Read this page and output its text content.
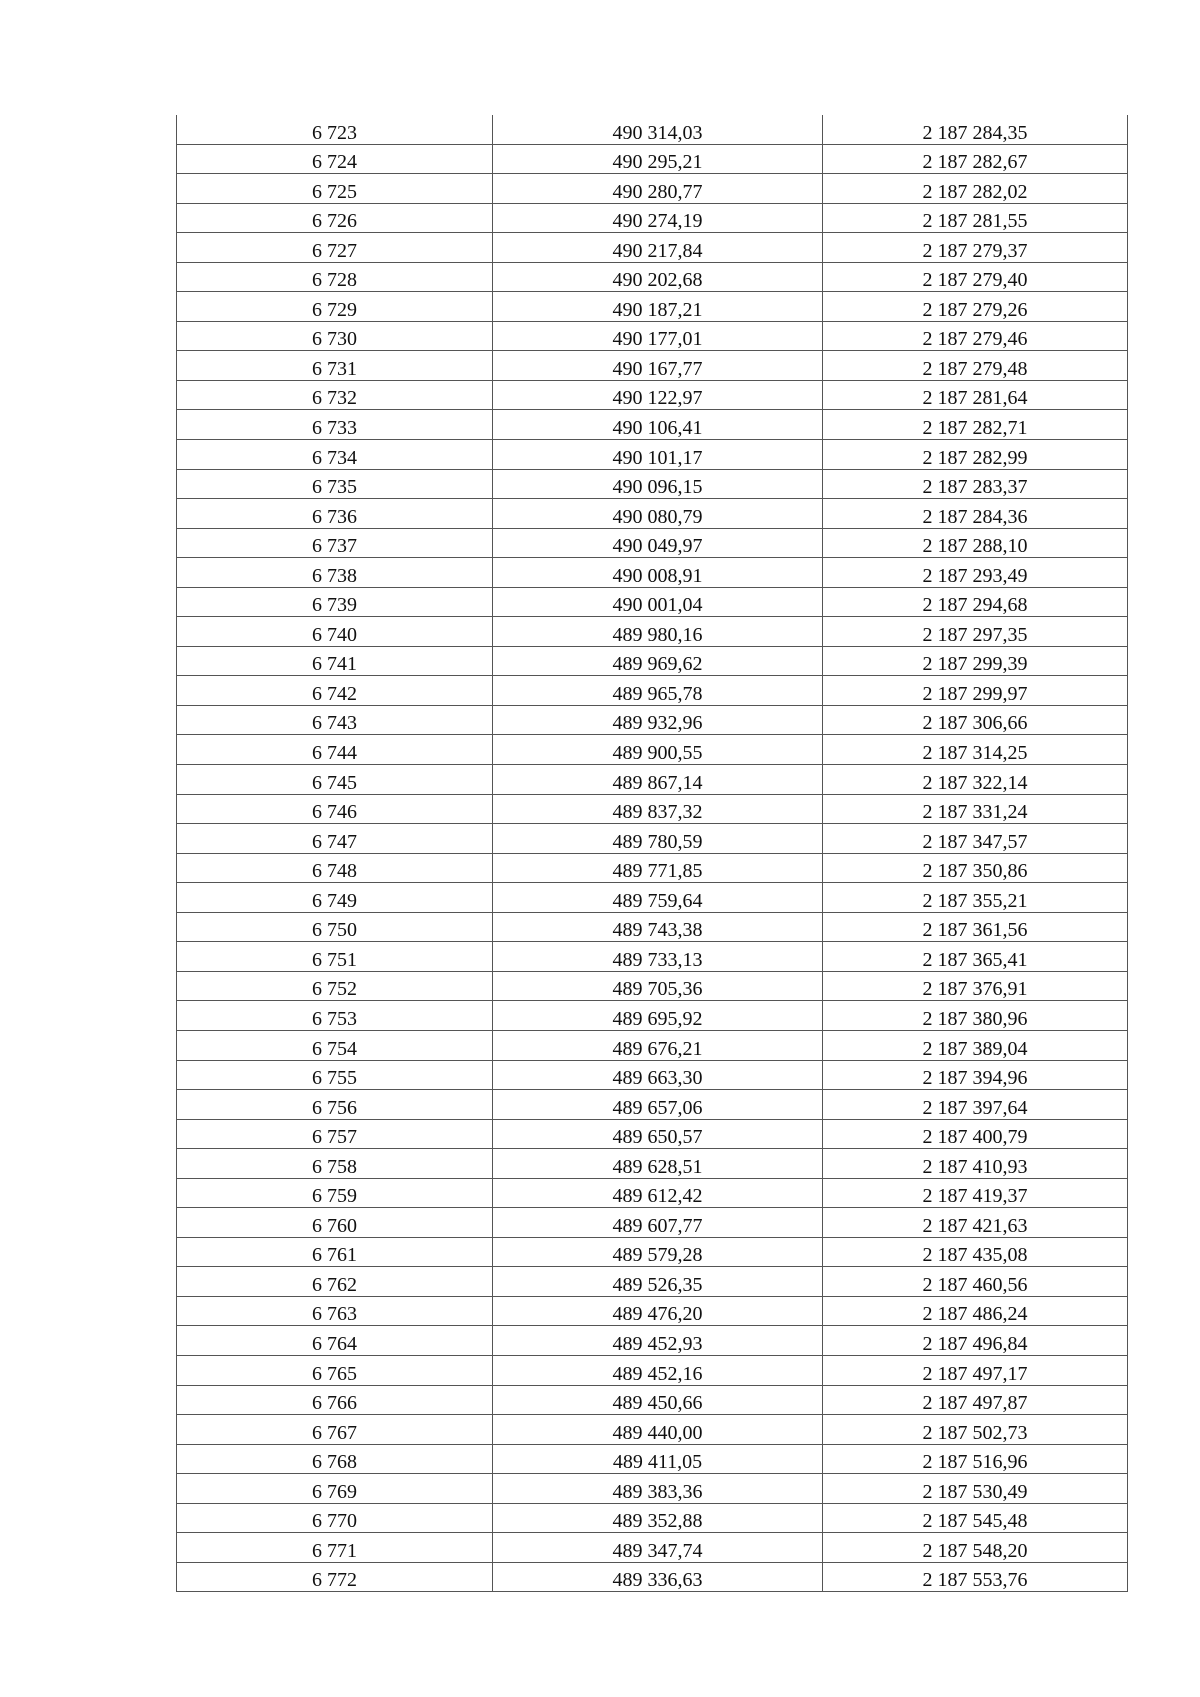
6 723	490 314,03	2 187 284,35
6 724	490 295,21	2 187 282,67
6 725	490 280,77	2 187 282,02
6 726	490 274,19	2 187 281,55
6 727	490 217,84	2 187 279,37
6 728	490 202,68	2 187 279,40
6 729	490 187,21	2 187 279,26
6 730	490 177,01	2 187 279,46
6 731	490 167,77	2 187 279,48
6 732	490 122,97	2 187 281,64
6 733	490 106,41	2 187 282,71
6 734	490 101,17	2 187 282,99
6 735	490 096,15	2 187 283,37
6 736	490 080,79	2 187 284,36
6 737	490 049,97	2 187 288,10
6 738	490 008,91	2 187 293,49
6 739	490 001,04	2 187 294,68
6 740	489 980,16	2 187 297,35
6 741	489 969,62	2 187 299,39
6 742	489 965,78	2 187 299,97
6 743	489 932,96	2 187 306,66
6 744	489 900,55	2 187 314,25
6 745	489 867,14	2 187 322,14
6 746	489 837,32	2 187 331,24
6 747	489 780,59	2 187 347,57
6 748	489 771,85	2 187 350,86
6 749	489 759,64	2 187 355,21
6 750	489 743,38	2 187 361,56
6 751	489 733,13	2 187 365,41
6 752	489 705,36	2 187 376,91
6 753	489 695,92	2 187 380,96
6 754	489 676,21	2 187 389,04
6 755	489 663,30	2 187 394,96
6 756	489 657,06	2 187 397,64
6 757	489 650,57	2 187 400,79
6 758	489 628,51	2 187 410,93
6 759	489 612,42	2 187 419,37
6 760	489 607,77	2 187 421,63
6 761	489 579,28	2 187 435,08
6 762	489 526,35	2 187 460,56
6 763	489 476,20	2 187 486,24
6 764	489 452,93	2 187 496,84
6 765	489 452,16	2 187 497,17
6 766	489 450,66	2 187 497,87
6 767	489 440,00	2 187 502,73
6 768	489 411,05	2 187 516,96
6 769	489 383,36	2 187 530,49
6 770	489 352,88	2 187 545,48
6 771	489 347,74	2 187 548,20
6 772	489 336,63	2 187 553,76
